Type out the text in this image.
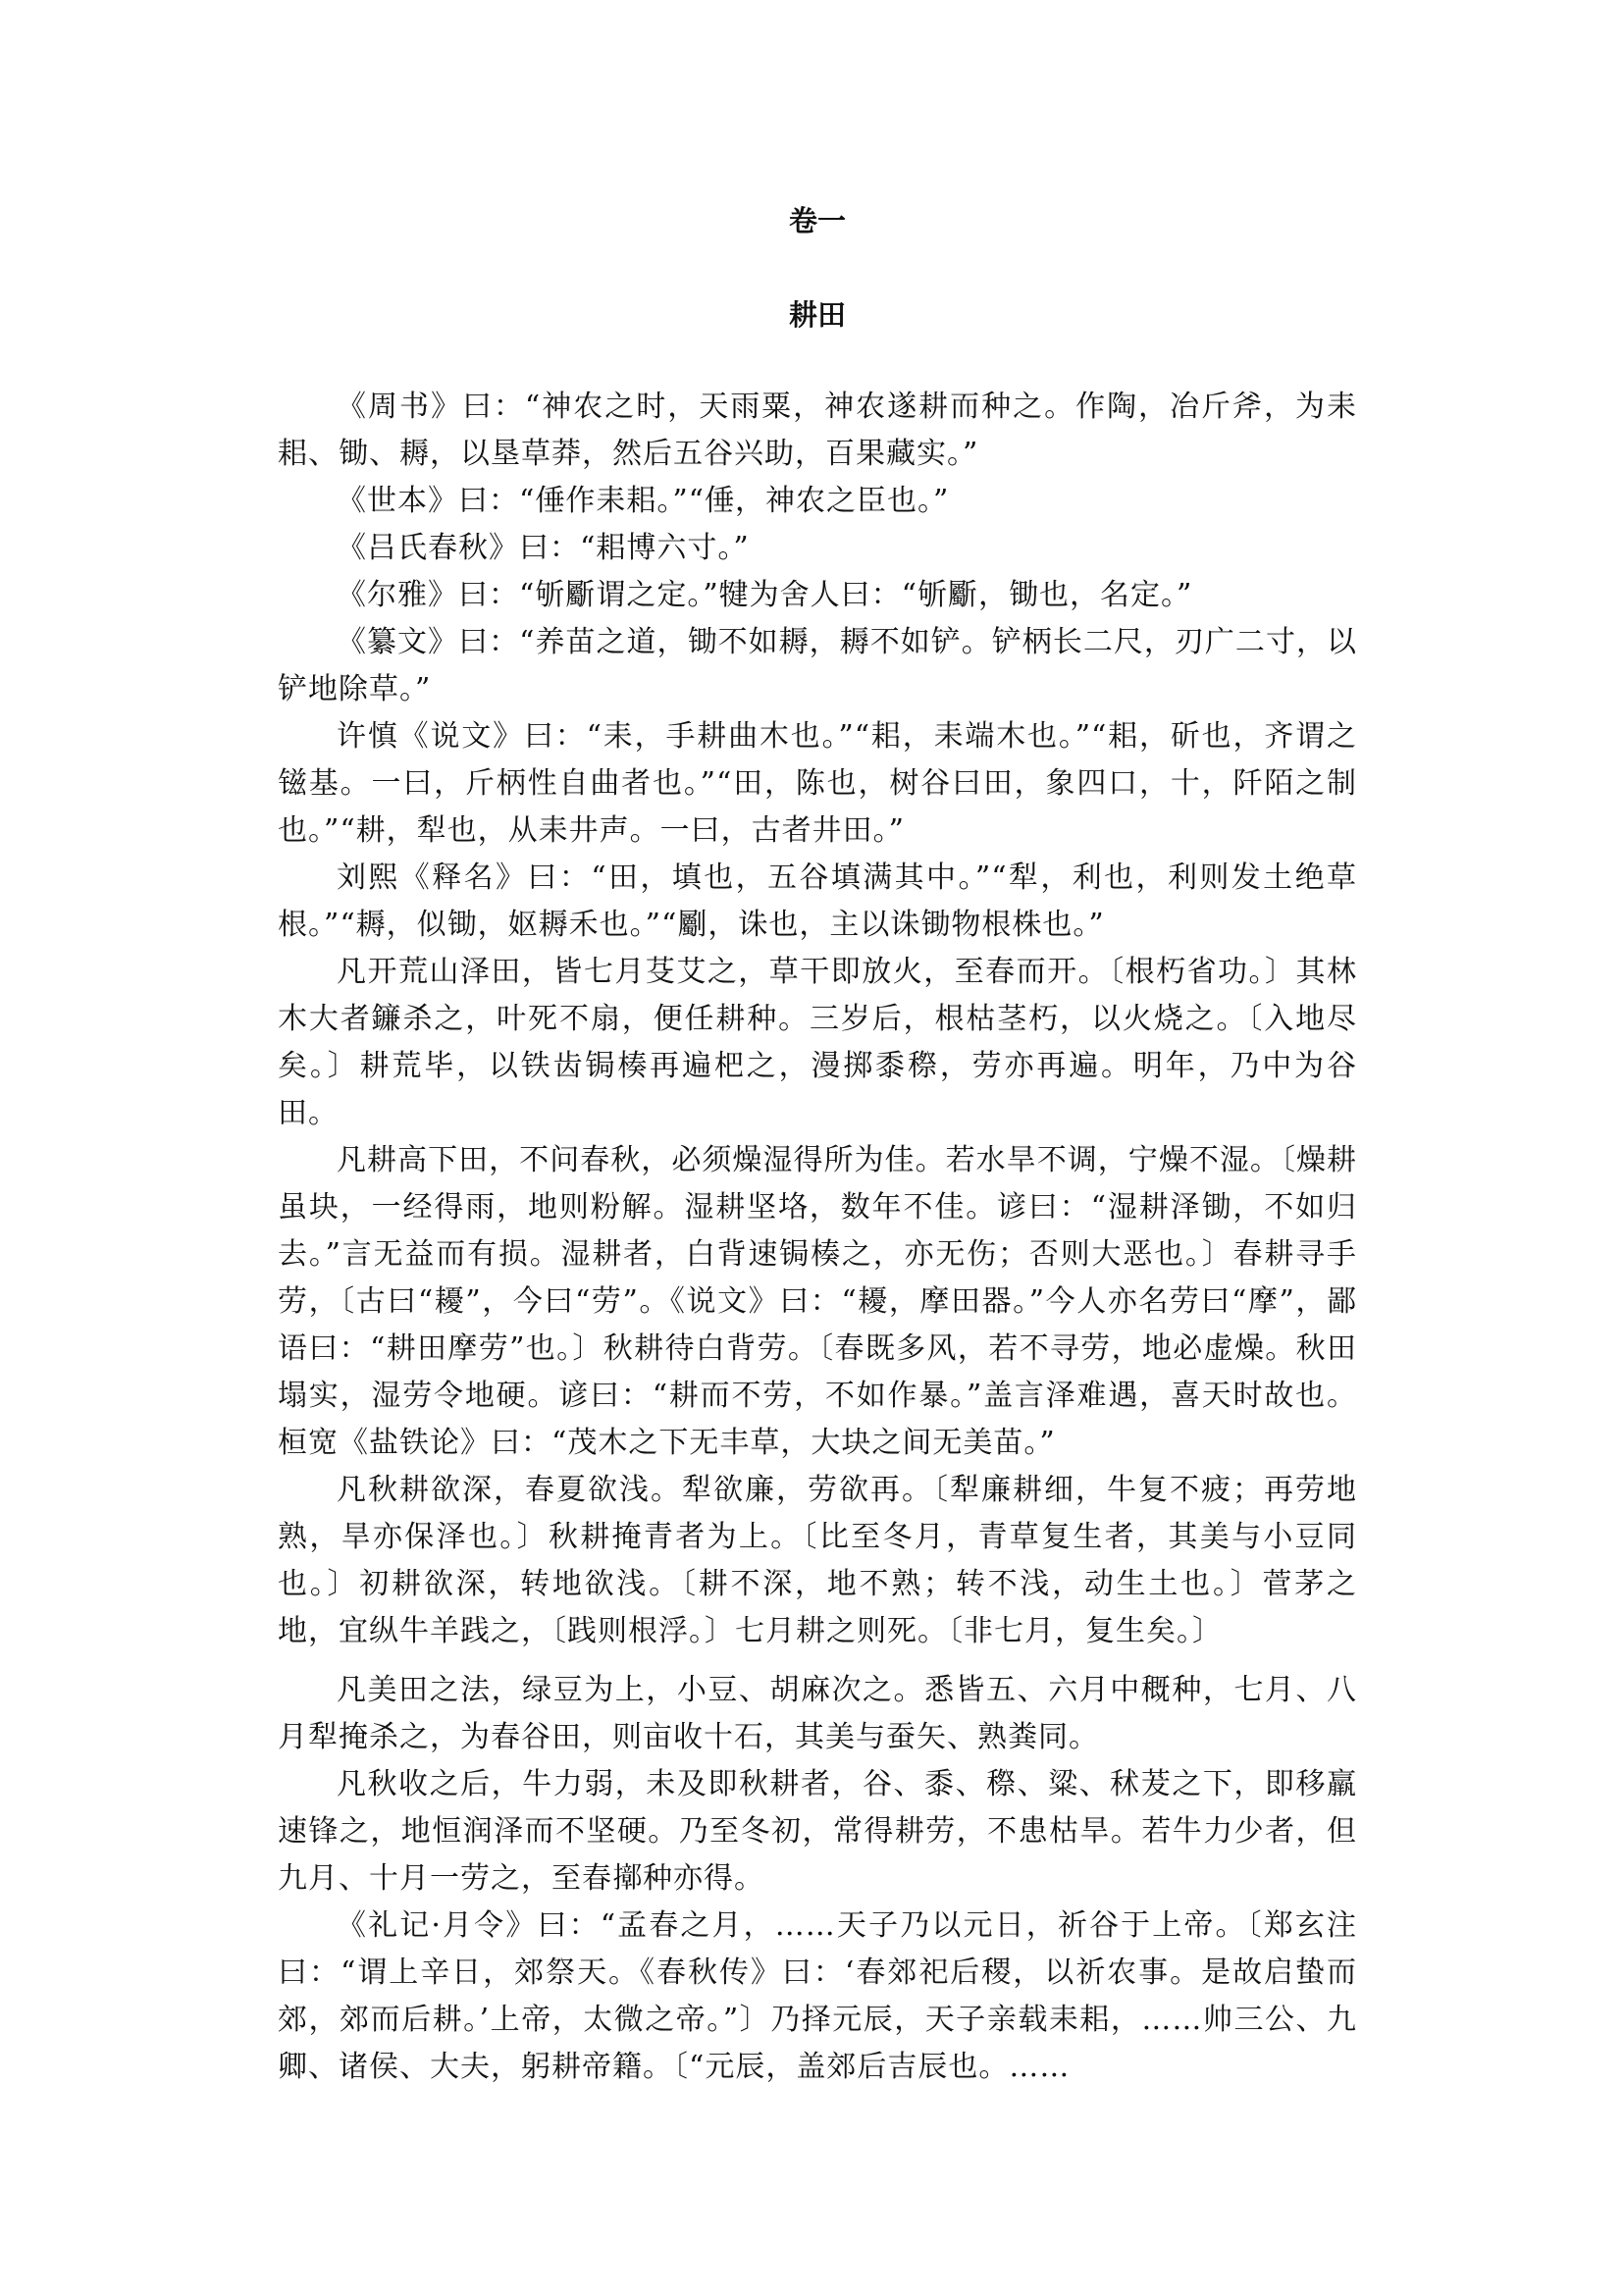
卷一
耕田

《周书》曰：“神农之时，天雨粟，神农遂耕而种之。作陶，冶斤斧，为耒耜、锄、耨，以垦草莽，然后五谷兴助，百果藏实。”

《世本》曰：“倕作耒耜。”“倕，神农之臣也。”

《吕氏春秋》曰：“耜博六寸。”

《尔雅》曰：“斪斸谓之定。”犍为舍人曰：“斪斸，锄也，名定。”

《纂文》曰：“养苗之道，锄不如耨，耨不如铲。铲柄长二尺，刃广二寸，以铲地除草。”

许慎《说文》曰：“耒，手耕曲木也。”“耜，耒端木也。”“耜，斫也，齐谓之镃基。一曰，斤柄性自曲者也。”“田，陈也，树谷曰田，象四口，十，阡陌之制也。”“耕，犁也，从耒井声。一曰，古者井田。”

刘熙《释名》曰：“田，填也，五谷填满其中。”“犁，利也，利则发土绝草根。”“耨，似锄，妪耨禾也。”“劚，诛也，主以诛锄物根株也。”

凡开荒山泽田，皆七月芟艾之，草干即放火，至春而开。〔根朽省功。〕其林木大者䥥杀之，叶死不扇，便任耕种。三岁后，根枯茎朽，以火烧之。〔入地尽矣。〕耕荒毕，以铁齿锔楱再遍杷之，漫掷黍穄，劳亦再遍。明年，乃中为谷田。

凡耕高下田，不问春秋，必须燥湿得所为佳。若水旱不调，宁燥不湿。〔燥耕虽块，一经得雨，地则粉解。湿耕坚垎，数年不佳。谚曰：“湿耕泽锄，不如归去。”言无益而有损。湿耕者，白背速锔楱之，亦无伤；否则大恶也。〕春耕寻手劳，〔古曰“耰”，今曰“劳”。《说文》曰：“耰，摩田器。”今人亦名劳曰“摩”，鄙语曰：“耕田摩劳”也。〕秋耕待白背劳。〔春既多风，若不寻劳，地必虚燥。秋田塌实，湿劳令地硬。谚曰：“耕而不劳，不如作暴。”盖言泽难遇，喜天时故也。桓宽《盐铁论》曰：“茂木之下无丰草，大块之间无美苗。”

凡秋耕欲深，春夏欲浅。犁欲廉，劳欲再。〔犁廉耕细，牛复不疲；再劳地熟，旱亦保泽也。〕秋耕掩青者为上。〔比至冬月，青草复生者，其美与小豆同也。〕初耕欲深，转地欲浅。〔耕不深，地不熟；转不浅，动生土也。〕菅茅之地，宜纵牛羊践之，〔践则根浮。〕七月耕之则死。〔非七月，复生矣。〕

凡美田之法，绿豆为上，小豆、胡麻次之。悉皆五、六月中穊种，七月、八月犁掩杀之，为春谷田，则亩收十石，其美与蚕矢、熟粪同。

凡秋收之后，牛力弱，未及即秋耕者，谷、黍、穄、粱、秫茇之下，即移羸速锋之，地恒润泽而不坚硬。乃至冬初，常得耕劳，不患枯旱。若牛力少者，但九月、十月一劳之，至春𢷢种亦得。

《礼记·月令》曰：“孟春之月，……天子乃以元日，祈谷于上帝。〔郑玄注曰：“谓上辛日，郊祭天。《春秋传》曰：‘春郊祀后稷，以祈农事。是故启蛰而郊，郊而后耕。’上帝，太微之帝。”〕乃择元辰，天子亲载耒耜，……帅三公、九卿、诸侯、大夫，躬耕帝籍。〔“元辰，盖郊后吉辰也。……
